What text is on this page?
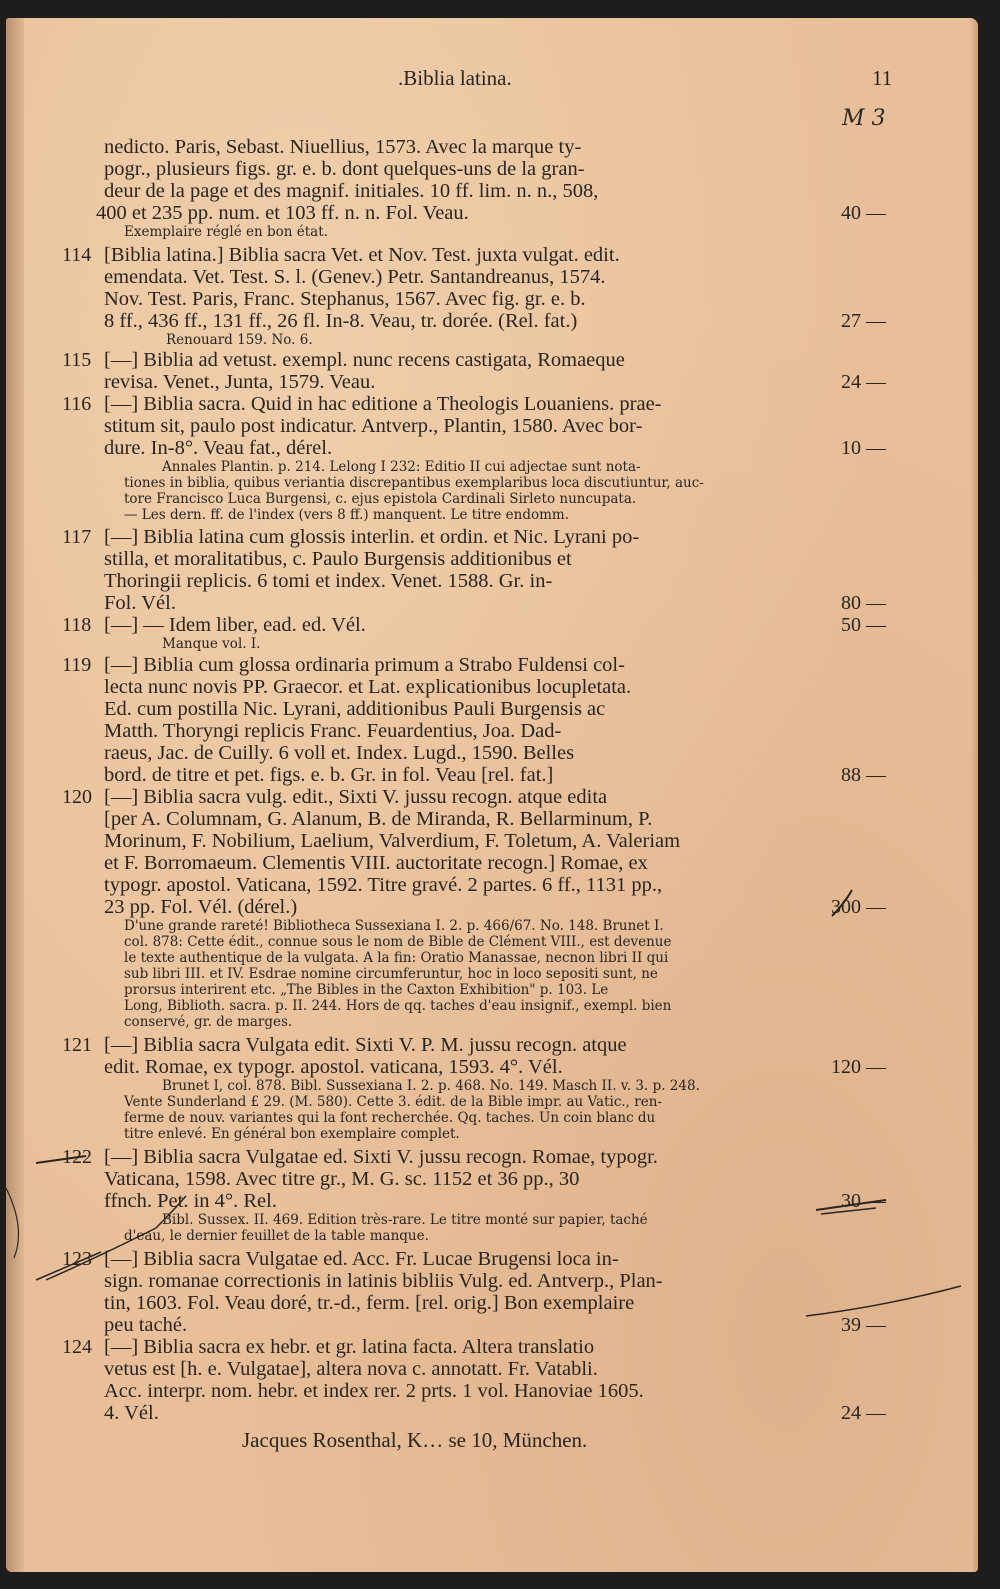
.Biblia latina.	11
M 3
nedicto. Paris, Sebast. Niuellius, 1573. Avec la marque ty-
pogr., plusieurs figs. gr. e. b. dont quelques-uns de la gran-
deur de la page et des magnif. initiales. 10 ff. lim. n. n., 508,
400 et 235 pp. num. et 103 ff. n. n. Fol. Veau.
Exemplaire réglé en bon état.
40 —
114 [Biblia latina.] Biblia sacra Vet. et Nov. Test. juxta vulgat. edit.
emendata. Vet. Test. S. l. (Genev.) Petr. Santandreanus, 1574.
Nov. Test. Paris, Franc. Stephanus, 1567. Avec fig. gr. e. b.
8 ff., 436 ff., 131 ff., 26 fl. In-8. Veau, tr. dorée. (Rel. fat.)
Renouard 159. No. 6.
27 —
115 [—] Biblia ad vetust. exempl. nunc recens castigata, Romaeque
revisa. Venet., Junta, 1579. Veau.	24 —
116 [—] Biblia sacra. Quid in hac editione a Theologis Louaniens. prae-
stitum sit, paulo post indicatur. Antverp., Plantin, 1580. Avec bor-
dure. In-8°. Veau fat., dérel.
Annales Plantin. p. 214. Lelong I 232: Editio II cui adjectae sunt nota-
tiones in biblia, quibus veriantia discrepantibus exemplaribus loca discutiuntur, auc-
tore Francisco Luca Burgensi, c. ejus epistola Cardinali Sirleto nuncupata.
— Les dern. ff. de l'index (vers 8 ff.) manquent. Le titre endomm.
10 —
117 [—] Biblia latina cum glossis interlin. et ordin. et Nic. Lyrani po-
stilla, et moralitatibus, c. Paulo Burgensis additionibus et
Thoringii replicis. 6 tomi et index. Venet. 1588. Gr. in-
Fol. Vél.	80 —
118 [—] — Idem liber, ead. ed. Vél.
Manque vol. I.
50 —
119 [—] Biblia cum glossa ordinaria primum a Strabo Fuldensi col-
lecta nunc novis PP. Graecor. et Lat. explicationibus locupletata.
Ed. cum postilla Nic. Lyrani, additionibus Pauli Burgensis ac
Matth. Thoryngi replicis Franc. Feuardentius, Joa. Dad-
raeus, Jac. de Cuilly. 6 voll et. Index. Lugd., 1590. Belles
bord. de titre et pet. figs. e. b. Gr. in fol. Veau [rel. fat.]	88 —
120 [—] Biblia sacra vulg. edit., Sixti V. jussu recogn. atque edita
[per A. Columnam, G. Alanum, B. de Miranda, R. Bellarminum, P.
Morinum, F. Nobilium, Laelium, Valverdium, F. Toletum, A. Valeriam
et F. Borromaeum. Clementis VIII. auctoritate recogn.] Romae, ex
typogr. apostol. Vaticana, 1592. Titre gravé. 2 partes. 6 ff., 1131 pp.,
23 pp. Fol. Vél. (dérel.)
D'une grande rareté! Bibliotheca Sussexiana I. 2. p. 466/67. No. 148. Brunet I.
col. 878: Cette édit., connue sous le nom de Bible de Clément VIII., est devenue
le texte authentique de la vulgata. A la fin: Oratio Manassae, necnon libri II qui
sub libri III. et IV. Esdrae nomine circumferuntur, hoc in loco sepositi sunt, ne
prorsus interirent etc. „The Bibles in the Caxton Exhibition" p. 103. Le
Long, Biblioth. sacra. p. II. 244. Hors de qq. taches d'eau insignif., exempl. bien
conservé, gr. de marges.
300 —
121 [—] Biblia sacra Vulgata edit. Sixti V. P. M. jussu recogn. atque
edit. Romae, ex typogr. apostol. vaticana, 1593. 4°. Vél.
Brunet I, col. 878. Bibl. Sussexiana I. 2. p. 468. No. 149. Masch II. v. 3. p. 248.
Vente Sunderland £ 29. (M. 580). Cette 3. édit. de la Bible impr. au Vatic., ren-
ferme de nouv. variantes qui la font recherchée. Qq. taches. Un coin blanc du
titre enlevé. En général bon exemplaire complet.
120 —
122 [—] Biblia sacra Vulgatae ed. Sixti V. jussu recogn. Romae, typogr.
Vaticana, 1598. Avec titre gr., M. G. sc. 1152 et 36 pp., 30
ffnch. Pet. in 4°. Rel.
Bibl. Sussex. II. 469. Edition très-rare. Le titre monté sur papier, taché
d'eau, le dernier feuillet de la table manque.
30 —
123 [—] Biblia sacra Vulgatae ed. Acc. Fr. Lucae Brugensi loca in-
sign. romanae correctionis in latinis bibliis Vulg. ed. Antverp., Plan-
tin, 1603. Fol. Veau doré, tr.-d., ferm. [rel. orig.] Bon exemplaire
peu taché.	39 —
124 [—] Biblia sacra ex hebr. et gr. latina facta. Altera translatio
vetus est [h. e. Vulgatae], altera nova c. annotatt. Fr. Vatabli.
Acc. interpr. nom. hebr. et index rer. 2 prts. 1 vol. Hanoviae 1605.
4. Vél.	24 —
Jacques Rosenthal, K… se 10, München.
